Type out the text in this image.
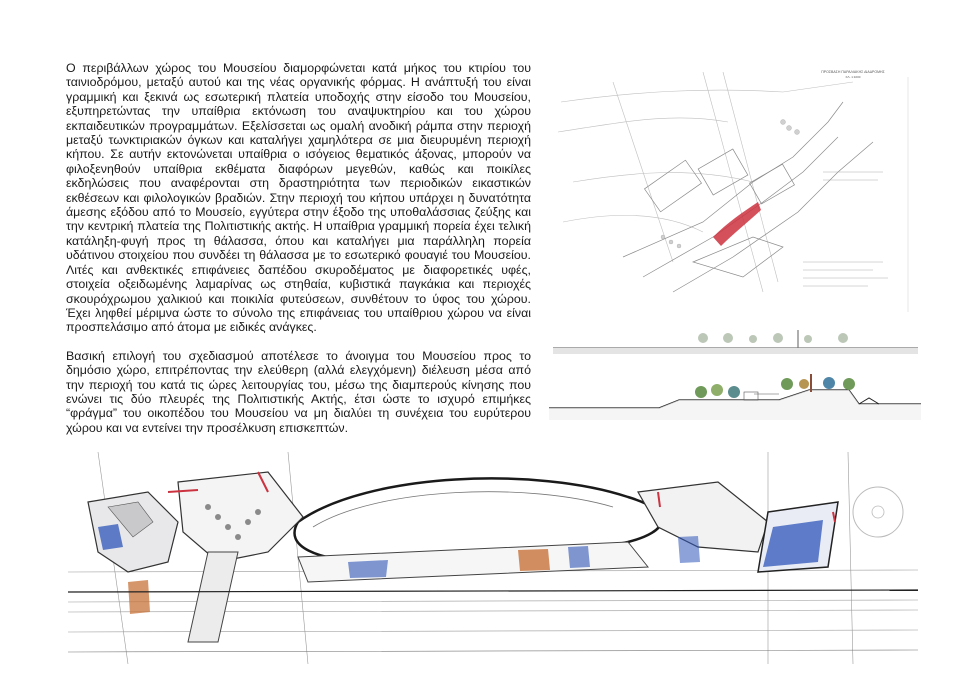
Ο περιβάλλων χώρος του Μουσείου διαμορφώνεται κατά μήκος του κτιρίου του ταινιοδρόμου, μεταξύ αυτού και της νέας οργανικής φόρμας. Η ανάπτυξή του είναι γραμμική και ξεκινά ως εσωτερική πλατεία υποδοχής στην είσοδο του Μουσείου, εξυπηρετώντας την υπαίθρια εκτόνωση του αναψυκτηρίου και του χώρου εκπαιδευτικών προγραμμάτων. Εξελίσσεται ως ομαλή ανοδική ράμπα στην περιοχή μεταξύ τωνκτιριακών όγκων και καταλήγει χαμηλότερα σε μια διευρυμένη περιοχή κήπου. Σε αυτήν εκτονώνεται υπαίθρια ο ισόγειος θεματικός άξονας, μπορούν να φιλοξενηθούν υπαίθρια εκθέματα διαφόρων μεγεθών, καθώς και ποικίλες εκδηλώσεις που αναφέρονται στη δραστηριότητα των περιοδικών εικαστικών εκθέσεων και φιλολογικών βραδιών. Στην περιοχή του κήπου υπάρχει η δυνατότητα άμεσης εξόδου από το Μουσείο, εγγύτερα στην έξοδο της υποθαλάσσιας ζεύξης και την κεντρική πλατεία της Πολιτιστικής ακτής. Η υπαίθρια γραμμική πορεία έχει τελική κατάληξη-φυγή προς τη θάλασσα, όπου και καταλήγει μια παράλληλη πορεία υδάτινου στοιχείου που συνδέει τη θάλασσα με το εσωτερικό φουαγιέ του Μουσείου. Λιτές και ανθεκτικές επιφάνειες δαπέδου σκυροδέματος με διαφορετικές υφές, στοιχεία οξειδωμένης λαμαρίνας ως στηθαία, κυβιστικά παγκάκια και περιοχές σκουρόχρωμου χαλικιού και ποικιλία φυτεύσεων, συνθέτουν το ύφος του χώρου. Έχει ληφθεί μέριμνα ώστε το σύνολο της επιφάνειας του υπαίθριου χώρου να είναι προσπελάσιμο από άτομα με ειδικές ανάγκες.

Βασική επιλογή του σχεδιασμού αποτέλεσε το άνοιγμα του Μουσείου προς το δημόσιο χώρο, επιτρέποντας την ελεύθερη (αλλά ελεγχόμενη) διέλευση μέσα από την περιοχή του κατά τις ώρες λειτουργίας του, μέσω της διαμπερούς κίνησης που ενώνει τις δύο πλευρές της Πολιτιστικής Ακτής, έτσι ώστε το ισχυρό επιμήκες “φράγμα” του οικοπέδου του Μουσείου να μη διαλύει τη συνέχεια του ευρύτερου χώρου και να εντείνει την προσέλκυση επισκεπτών.

ΠΡΟΣΒΑΣΗ ΠΑΡΑΛΙΑΚΗΣ ΔΙΑΔΡΟΜΗΣ
ΚΛ. 1:1000
